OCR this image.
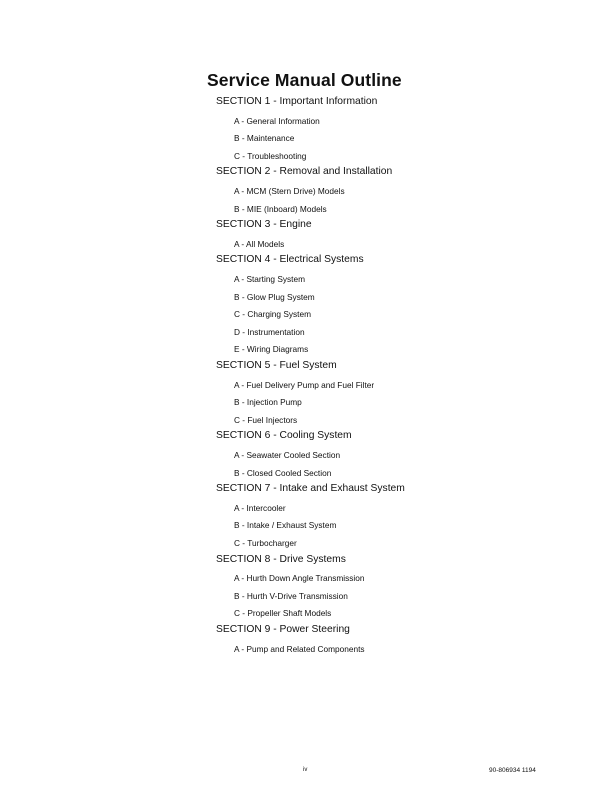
Service Manual Outline
SECTION 1 - Important Information
A - General Information
B - Maintenance
C - Troubleshooting
SECTION 2 - Removal and Installation
A - MCM (Stern Drive) Models
B - MIE (Inboard) Models
SECTION 3 - Engine
A - All Models
SECTION 4 - Electrical Systems
A - Starting System
B - Glow Plug System
C - Charging System
D - Instrumentation
E - Wiring Diagrams
SECTION 5 - Fuel System
A - Fuel Delivery Pump and Fuel Filter
B - Injection Pump
C - Fuel Injectors
SECTION 6 - Cooling System
A - Seawater Cooled Section
B - Closed Cooled Section
SECTION 7 - Intake and Exhaust System
A - Intercooler
B - Intake / Exhaust System
C - Turbocharger
SECTION 8 - Drive Systems
A - Hurth Down Angle Transmission
B - Hurth V-Drive Transmission
C - Propeller Shaft Models
SECTION 9 - Power Steering
A - Pump and Related Components
iv	90-806934 1194
